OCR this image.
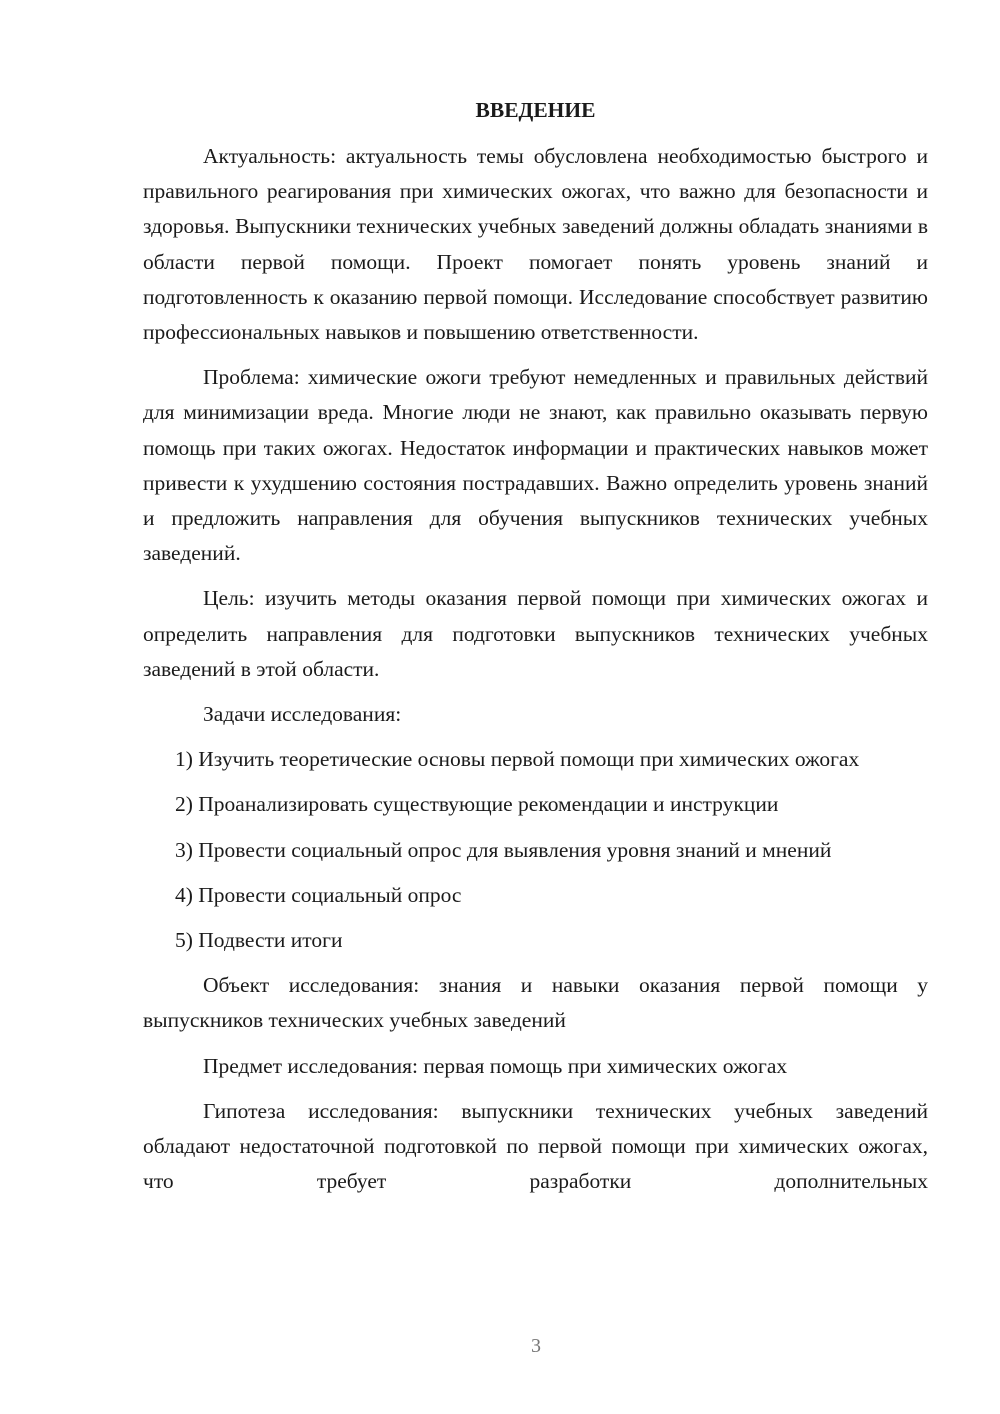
ВВЕДЕНИЕ

Актуальность: актуальность темы обусловлена необходимостью быстрого и правильного реагирования при химических ожогах, что важно для безопасности и здоровья. Выпускники технических учебных заведений должны обладать знаниями в области первой помощи. Проект помогает понять уровень знаний и подготовленность к оказанию первой помощи. Исследование способствует развитию профессиональных навыков и повышению ответственности.

Проблема: химические ожоги требуют немедленных и правильных действий для минимизации вреда. Многие люди не знают, как правильно оказывать первую помощь при таких ожогах. Недостаток информации и практических навыков может привести к ухудшению состояния пострадавших. Важно определить уровень знаний и предложить направления для обучения выпускников технических учебных заведений.

Цель: изучить методы оказания первой помощи при химических ожогах и определить направления для подготовки выпускников технических учебных заведений в этой области.

Задачи исследования:

1) Изучить теоретические основы первой помощи при химических ожогах

2) Проанализировать существующие рекомендации и инструкции

3) Провести социальный опрос для выявления уровня знаний и мнений

4) Провести социальный опрос

5) Подвести итоги

Объект исследования: знания и навыки оказания первой помощи у выпускников технических учебных заведений

Предмет исследования: первая помощь при химических ожогах

Гипотеза исследования: выпускники технических учебных заведений обладают недостаточной подготовкой по первой помощи при химических ожогах, что требует разработки дополнительных

3
